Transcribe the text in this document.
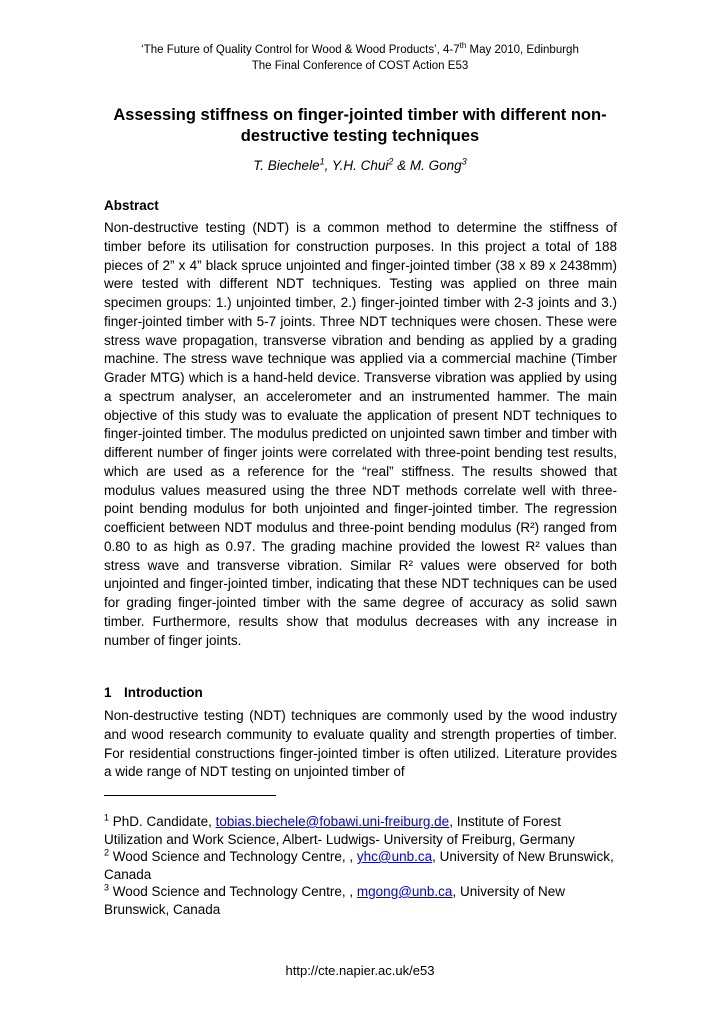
‘The Future of Quality Control for Wood & Wood Products’, 4-7th May 2010, Edinburgh
The Final Conference of COST Action E53
Assessing stiffness on finger-jointed timber with different non-destructive testing techniques
T. Biechele$^1$, Y.H. Chui$^2$ & M. Gong$^3$
Abstract
Non-destructive testing (NDT) is a common method to determine the stiffness of timber before its utilisation for construction purposes. In this project a total of 188 pieces of 2” x 4” black spruce unjointed and finger-jointed timber (38 x 89 x 2438mm) were tested with different NDT techniques. Testing was applied on three main specimen groups: 1.) unjointed timber, 2.) finger-jointed timber with 2-3 joints and 3.) finger-jointed timber with 5-7 joints. Three NDT techniques were chosen. These were stress wave propagation, transverse vibration and bending as applied by a grading machine. The stress wave technique was applied via a commercial machine (Timber Grader MTG) which is a hand-held device. Transverse vibration was applied by using a spectrum analyser, an accelerometer and an instrumented hammer. The main objective of this study was to evaluate the application of present NDT techniques to finger-jointed timber. The modulus predicted on unjointed sawn timber and timber with different number of finger joints were correlated with three-point bending test results, which are used as a reference for the “real” stiffness. The results showed that modulus values measured using the three NDT methods correlate well with three-point bending modulus for both unjointed and finger-jointed timber. The regression coefficient between NDT modulus and three-point bending modulus (R²) ranged from 0.80 to as high as 0.97. The grading machine provided the lowest R² values than stress wave and transverse vibration. Similar R² values were observed for both unjointed and finger-jointed timber, indicating that these NDT techniques can be used for grading finger-jointed timber with the same degree of accuracy as solid sawn timber. Furthermore, results show that modulus decreases with any increase in number of finger joints.
1 Introduction
Non-destructive testing (NDT) techniques are commonly used by the wood industry and wood research community to evaluate quality and strength properties of timber. For residential constructions finger-jointed timber is often utilized. Literature provides a wide range of NDT testing on unjointed timber of
$^1$ PhD. Candidate, tobias.biechele@fobawi.uni-freiburg.de, Institute of Forest Utilization and Work Science, Albert- Ludwigs- University of Freiburg, Germany
$^2$ Wood Science and Technology Centre, , yhc@unb.ca, University of New Brunswick, Canada
$^3$ Wood Science and Technology Centre, , mgong@unb.ca, University of New Brunswick, Canada
http://cte.napier.ac.uk/e53
